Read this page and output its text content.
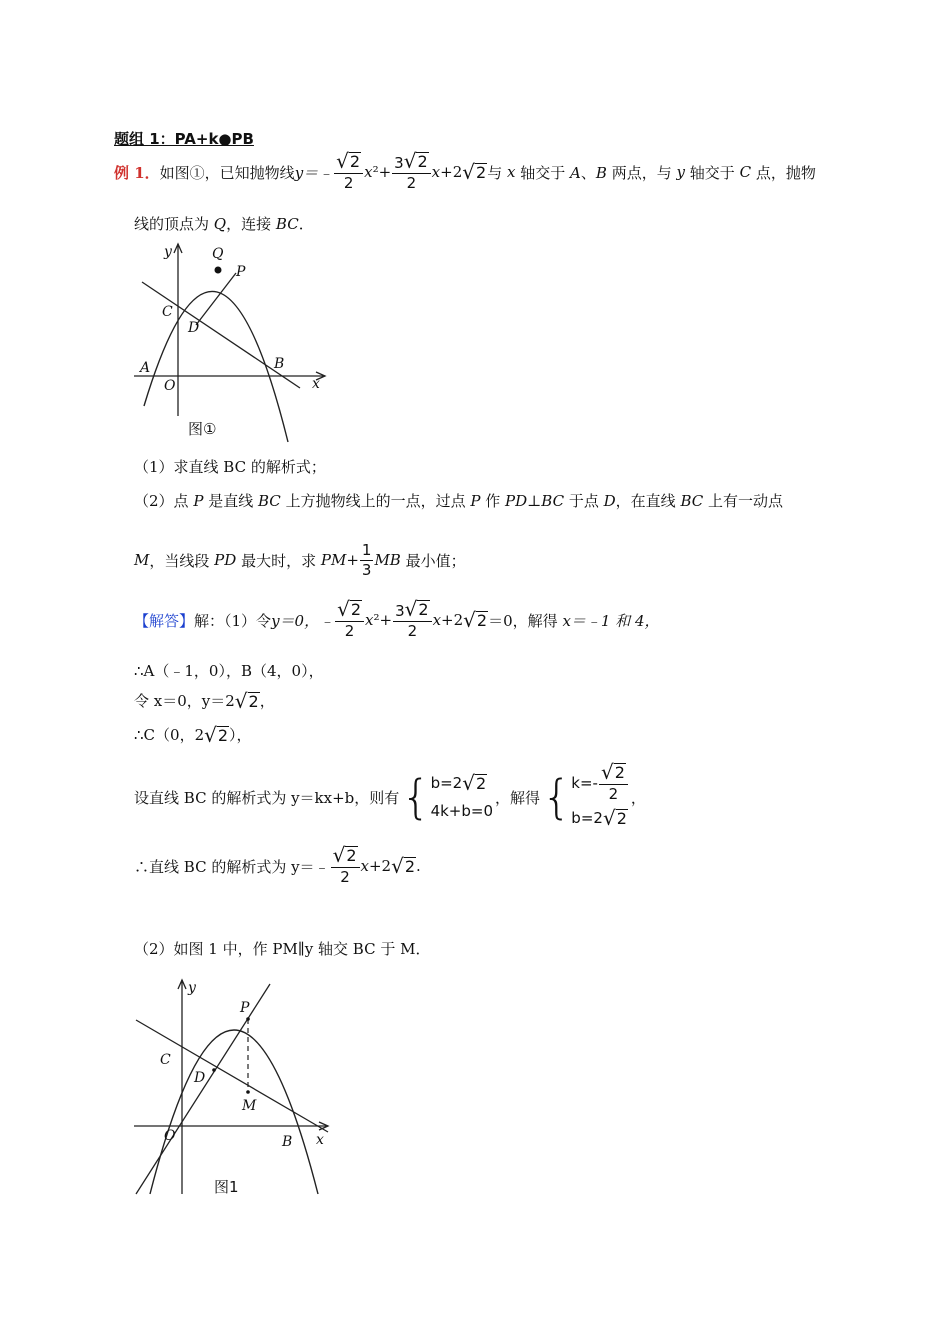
题组 1：PA+k●PB
例 1． 如图①，已知抛物线 y＝﹣ $\frac{√ 2}{2} x^2+ \frac{3 √ 2}{2} x+2$ √ 2 与 x 轴交于 A、B 两点，与 y 轴交于 C 点，抛物
线的顶点为 Q ，连接 BC ．
y
x
Q
P
C
D
A
O
B
图①
（1）求直线 BC 的解析式；
（2）点 P 是直线 BC 上方抛物线上的一点，过点 P 作 PD⊥BC 于点 D ，在直线 BC 上有一动点
M ，当线段 PD 最大时，求 $PM+ \frac{1}{3}$ MB 最小值；
【解答】 解：（1）令 y＝0，﹣ $\frac{√ 2}{2} x^2+ \frac{3 √ 2}{2} x+2$ √ 2 ＝0，解得
x＝﹣1 和 4，
∴A（﹣1，0），B（4，0），
令 x＝0，y＝2 √ 2 ，
∴C（0，2 √ 2 ），
设直线 BC 的解析式为 y＝kx+b，则有 { b=2 √ 2
4k+b=0
，解得 { $k=- \frac{√ 2}{2}$
b=2 √ 2
，
∴直线 BC 的解析式为 y＝﹣ $\frac{√ 2}{2} x+2$ √ 2 .
（2）如图 1 中，作 PM∥y 轴交 BC 于 M．
y
x
P
C
D
M
O	B
图1
